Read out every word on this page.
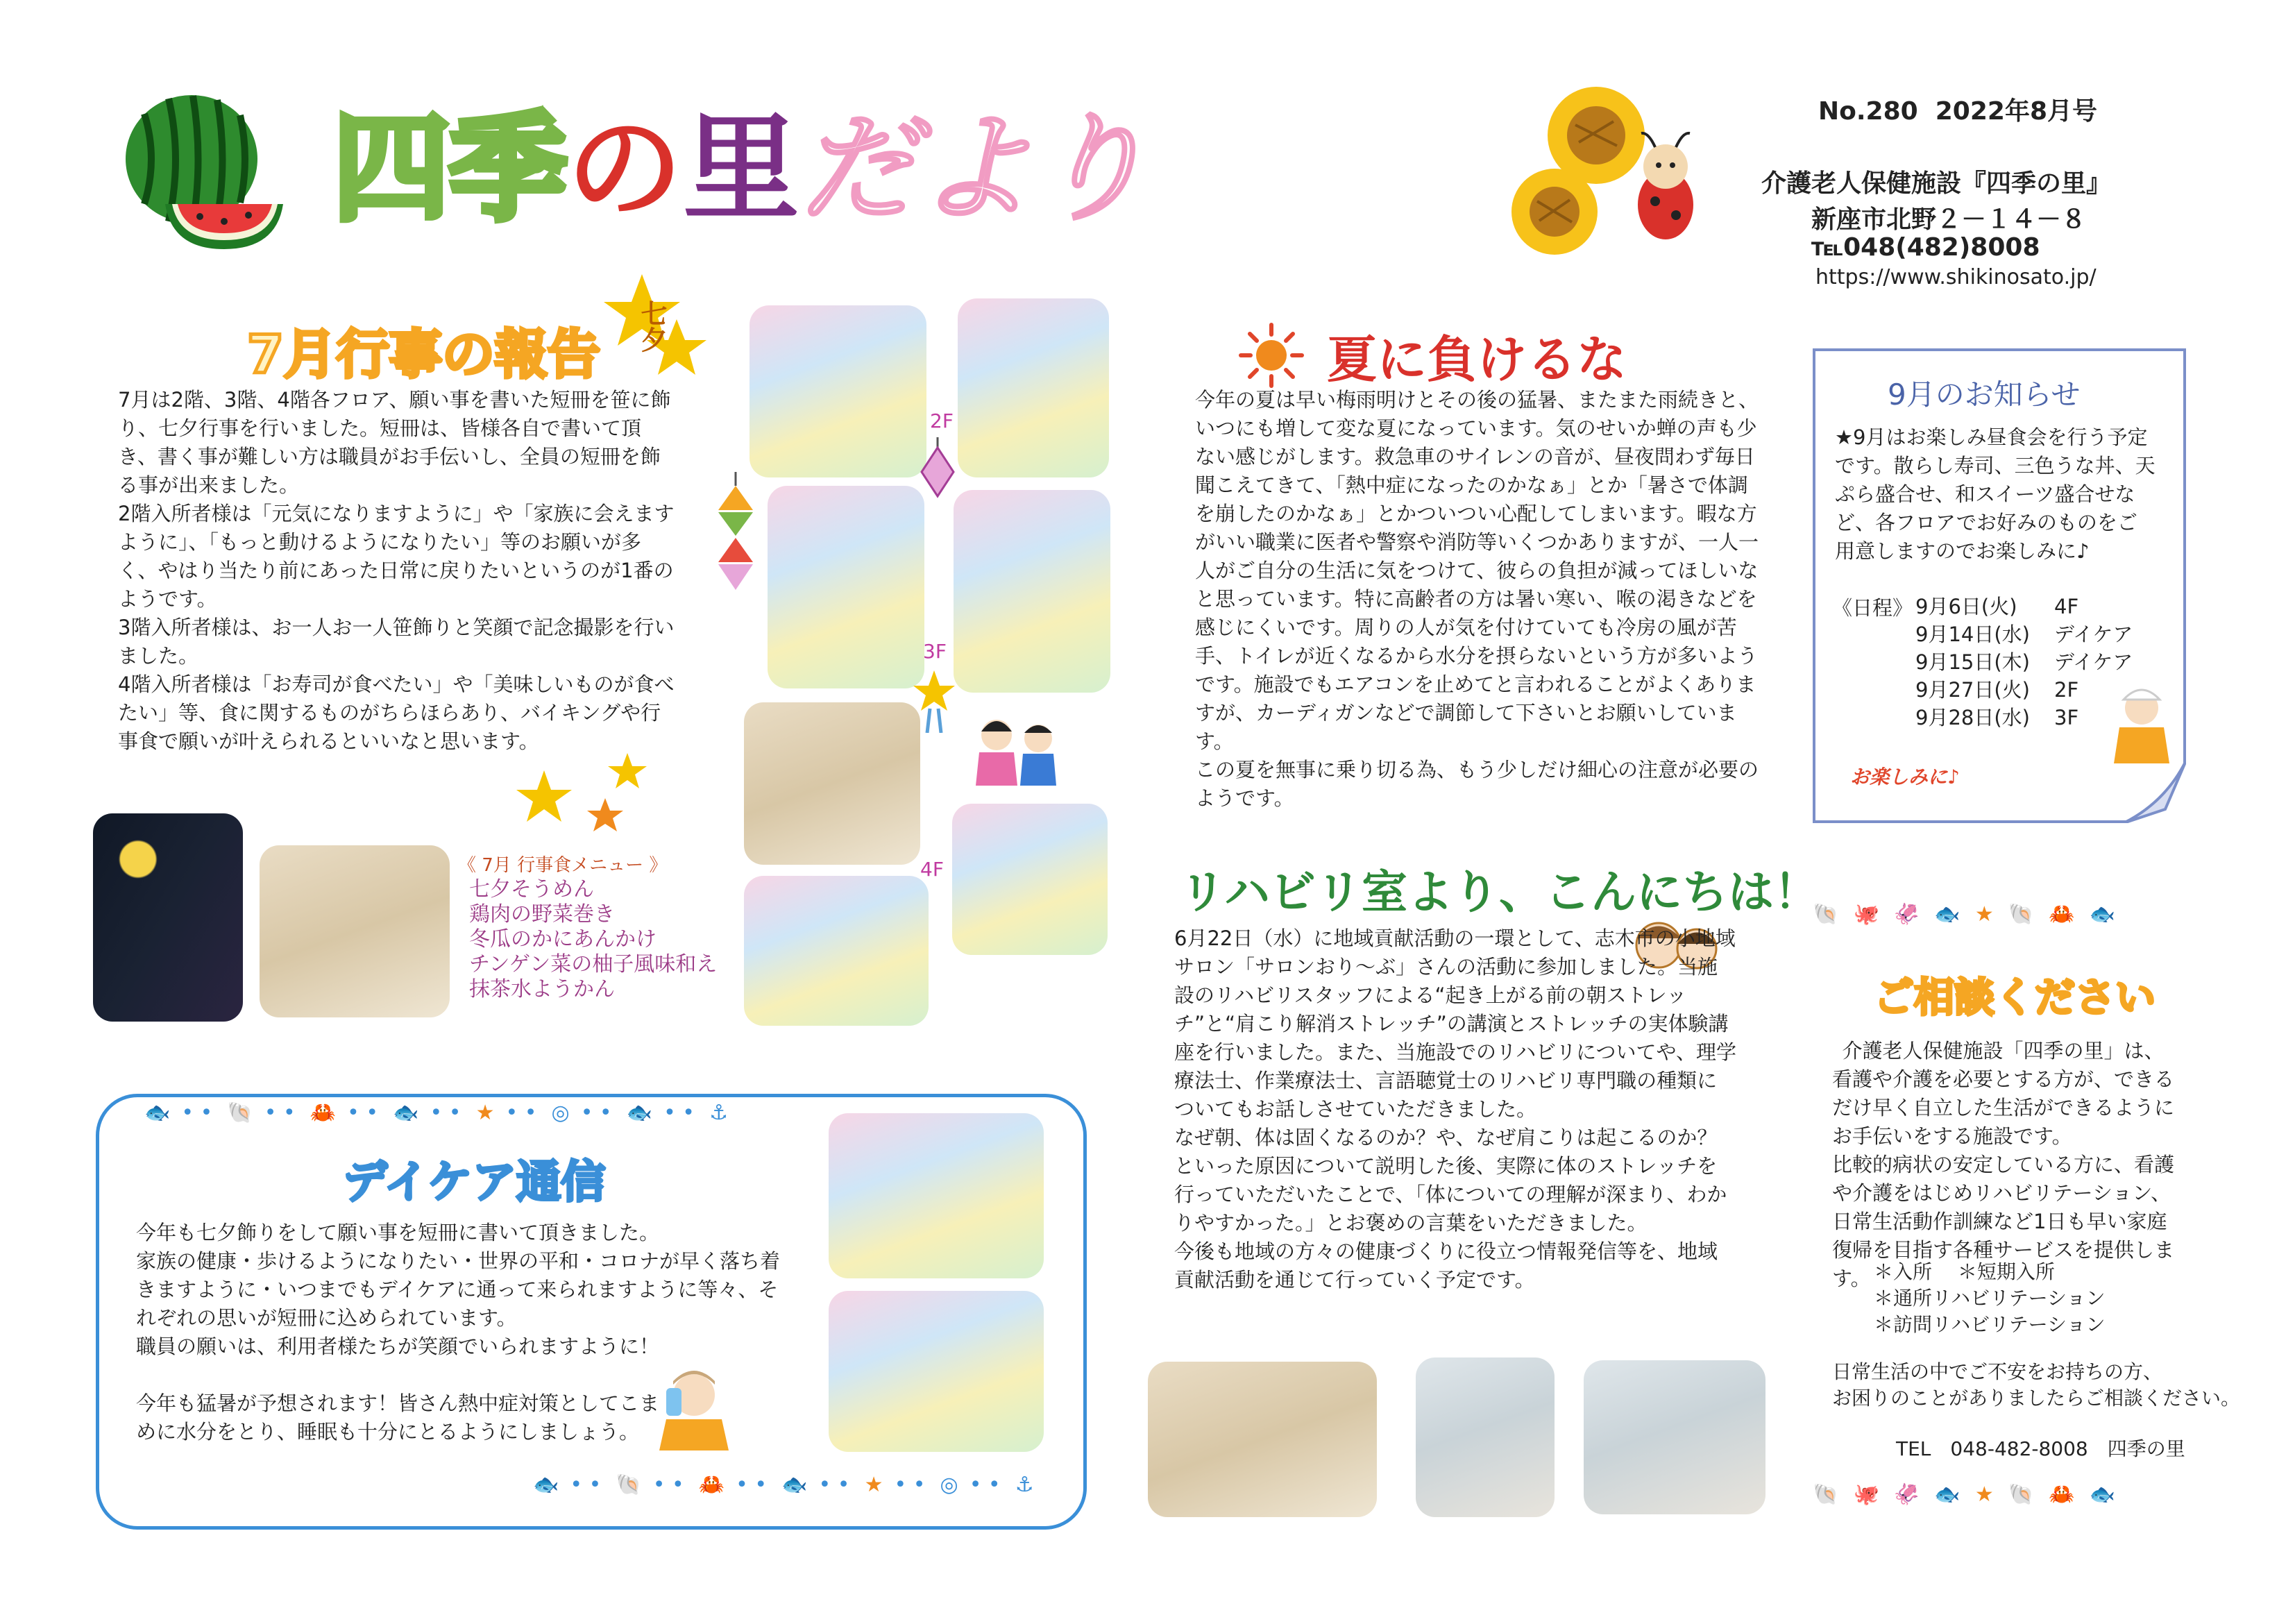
四季の里だより	No.280  2022年8月号
介護老人保健施設『四季の里』
新座市北野２－１４－８
℡048(482)8008
https://www.shikinosato.jp/
7月行事の報告 七夕

7月は2階、3階、4階各フロア、願い事を書いた短冊を笹に飾り、七夕行事を行いました。短冊は、皆様各自で書いて頂き、書く事が難しい方は職員がお手伝いし、全員の短冊を飾る事が出来ました。

2階入所者様は「元気になりますように」や「家族に会えますように」、「もっと動けるようになりたい」等のお願いが多く、やはり当たり前にあった日常に戻りたいというのが1番のようです。

3階入所者様は、お一人お一人笹飾りと笑顔で記念撮影を行いました。

4階入所者様は「お寿司が食べたい」や「美味しいものが食べたい」等、食に関するものがちらほらあり、バイキングや行事食で願いが叶えられるといいなと思います。

《 7月 行事食メニュー 》
七夕そうめん
鶏肉の野菜巻き
冬瓜のかにあんかけ
チンゲン菜の柚子風味和え
抹茶水ようかん
2F
3F
4F
夏に負けるな

今年の夏は早い梅雨明けとその後の猛暑、またまた雨続きと、いつにも増して変な夏になっています。気のせいか蝉の声も少ない感じがします。救急車のサイレンの音が、昼夜問わず毎日聞こえてきて、「熱中症になったのかなぁ」とか「暑さで体調を崩したのかなぁ」とかついつい心配してしまいます。暇な方がいい職業に医者や警察や消防等いくつかありますが、一人一人がご自分の生活に気をつけて、彼らの負担が減ってほしいなと思っています。特に高齢者の方は暑い寒い、喉の渇きなどを感じにくいです。周りの人が気を付けていても冷房の風が苦手、トイレが近くなるから水分を摂らないという方が多いようです。施設でもエアコンを止めてと言われることがよくありますが、カーディガンなどで調節して下さいとお願いしています。

この夏を無事に乗り切る為、もう少しだけ細心の注意が必要のようです。

9月のお知らせ
★9月はお楽しみ昼食会を行う予定です。散らし寿司、三色うな丼、天ぷら盛合せ、和スイーツ盛合せなど、各フロアでお好みのものをご用意しますのでお楽しみに♪
《日程》 9月6日(火) 4F
9月14日(水) デイケア
9月15日(木) デイケア
9月27日(火) 2F
9月28日(水) 3F
お楽しみに♪
リハビリ室より、こんにちは！

6月22日（水）に地域貢献活動の一環として、志木市の小地域サロン「サロンおり～ぶ」さんの活動に参加しました。当施設のリハビリスタッフによる“起き上がる前の朝ストレッチ”と“肩こり解消ストレッチ”の講演とストレッチの実体験講座を行いました。また、当施設でのリハビリについてや、理学療法士、作業療法士、言語聴覚士のリハビリ専門職の種類についてもお話しさせていただきました。

なぜ朝、体は固くなるのか？や、なぜ肩こりは起こるのか？といった原因について説明した後、実際に体のストレッチを行っていただいたことで、「体についての理解が深まり、わかりやすかった。」とお褒めの言葉をいただきました。

今後も地域の方々の健康づくりに役立つ情報発信等を、地域貢献活動を通じて行っていく予定です。

🐟 • • 🐚 • • 🦀 • • 🐟 • • ★ • • ◎ • • 🐟 • • ⚓
デイケア通信

今年も七夕飾りをして願い事を短冊に書いて頂きました。

家族の健康・歩けるようになりたい・世界の平和・コロナが早く落ち着きますように・いつまでもデイケアに通って来られますように等々、それぞれの思いが短冊に込められています。

職員の願いは、利用者様たちが笑顔でいられますように！

今年も猛暑が予想されます！皆さん熱中症対策としてこまめに水分をとり、睡眠も十分にとるようにしましょう。

🐟 • • 🐚 • • 🦀 • • 🐟 • • ★ • • ◎ • • ⚓
🐚 🐙 🦑 🐟 ★ 🐚 🦀 🐟
ご相談ください

介護老人保健施設「四季の里」は、看護や介護を必要とする方が、できるだけ早く自立した生活ができるようにお手伝いをする施設です。

比較的病状の安定している方に、看護や介護をはじめリハビリテーション、日常生活動作訓練など1日も早い家庭復帰を目指す各種サービスを提供します。 ＊入所　 ＊短期入所
＊通所リハビリテーション
＊訪問リハビリテーション
日常生活の中でご不安をお持ちの方、
お困りのことがありましたらご相談ください。
TEL　048-482-8008　四季の里
🐚 🐙 🦑 🐟 ★ 🐚 🦀 🐟
